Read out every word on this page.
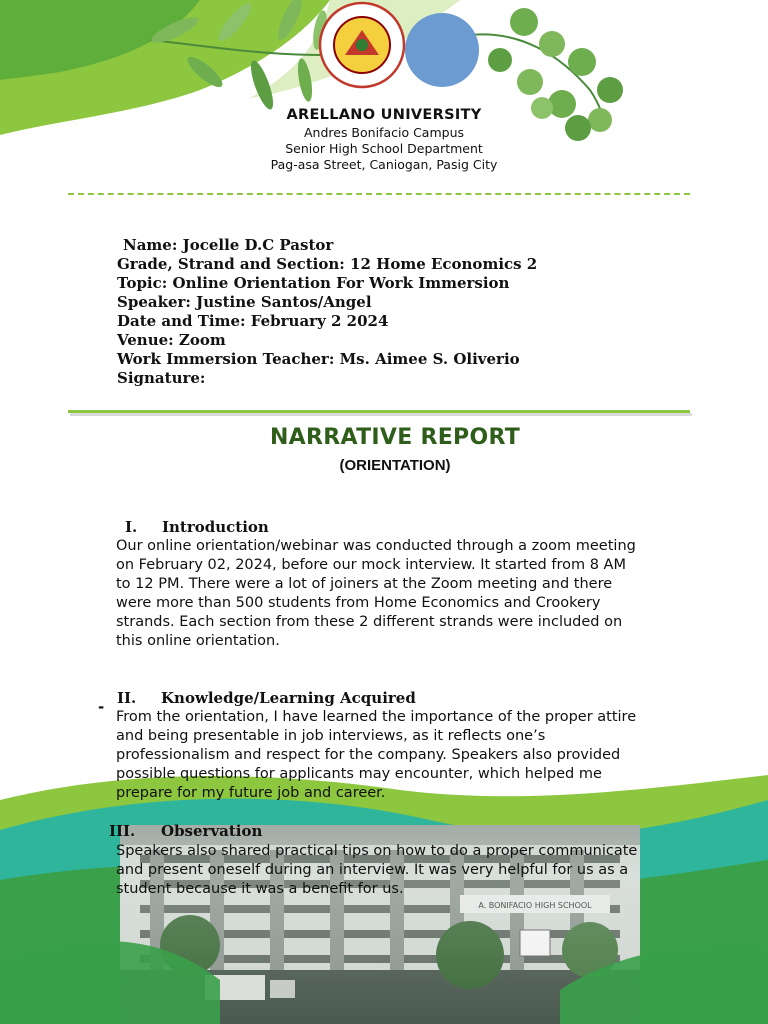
ARELLANO UNIVERSITY
Andres Bonifacio Campus
Senior High School Department
Pag-asa Street, Caniogan, Pasig City
Name: Jocelle D.C Pastor
Grade, Strand and Section: 12 Home Economics 2
Topic: Online Orientation For Work Immersion
Speaker: Justine Santos/Angel
Date and Time: February 2 2024
Venue: Zoom
Work Immersion Teacher: Ms. Aimee S. Oliverio
Signature:
NARRATIVE REPORT
(ORIENTATION)
I. Introduction
Our online orientation/webinar was conducted through a zoom meeting
on February 02, 2024, before our mock interview. It started from 8 AM
to 12 PM. There were a lot of joiners at the Zoom meeting and there
were more than 500 students from Home Economics and Crookery
strands. Each section from these 2 different strands were included on
this online orientation.
- II. Knowledge/Learning Acquired
From the orientation, I have learned the importance of the proper attire
and being presentable in job interviews, as it reflects one’s
professionalism and respect for the company. Speakers also provided
possible questions for applicants may encounter, which helped me
prepare for my future job and career.
III. Observation
Speakers also shared practical tips on how to do a proper communicate
and present oneself during an interview. It was very helpful for us as a
student because it was a benefit for us.
